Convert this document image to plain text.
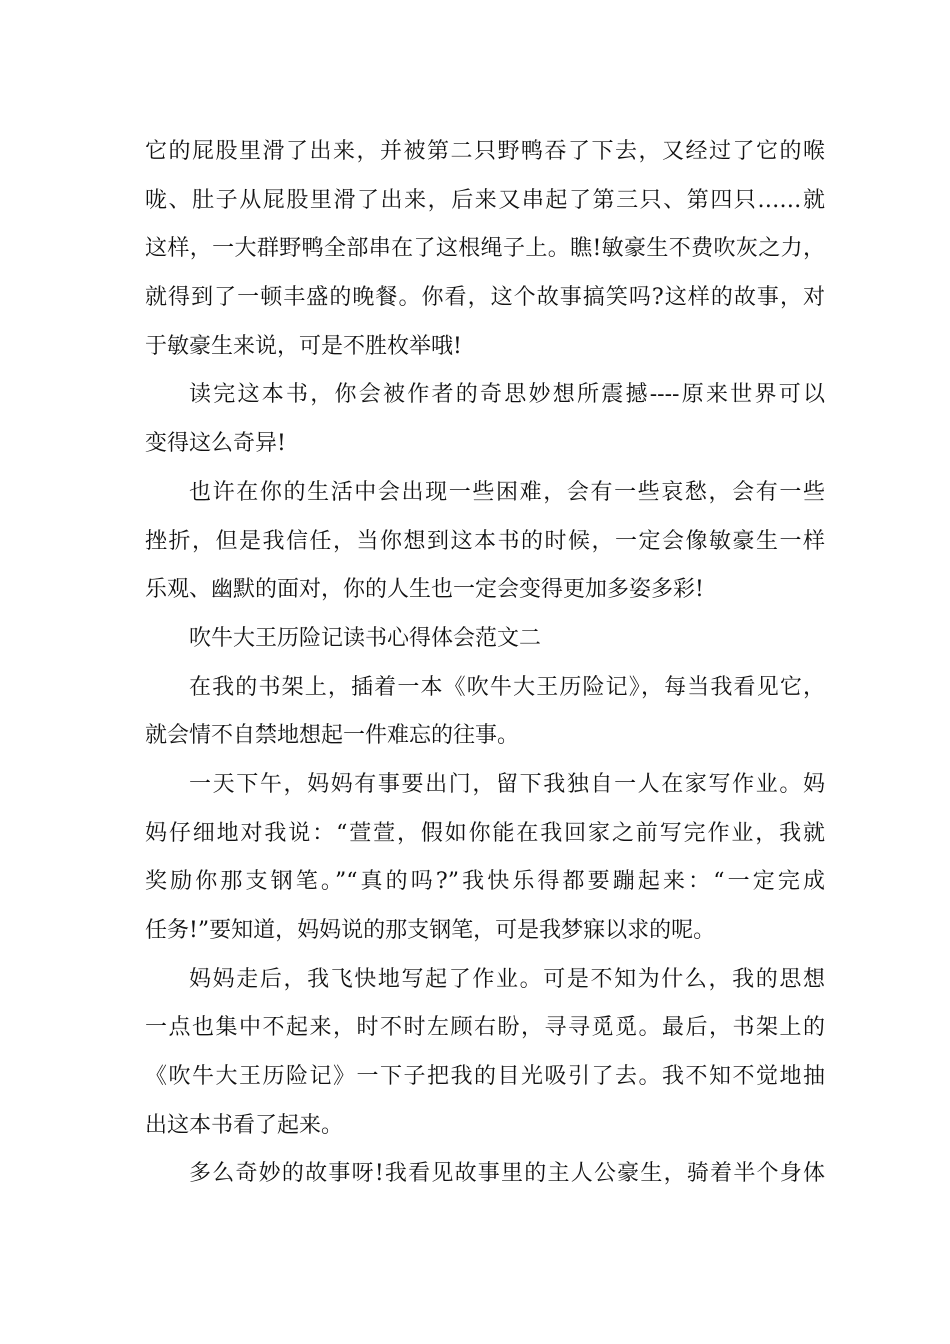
它的屁股里滑了出来，并被第二只野鸭吞了下去，又经过了它的喉
咙、肚子从屁股里滑了出来，后来又串起了第三只、第四只……就
这样，一大群野鸭全部串在了这根绳子上。瞧!敏豪生不费吹灰之力，
就得到了一顿丰盛的晚餐。你看，这个故事搞笑吗?这样的故事，对
于敏豪生来说，可是不胜枚举哦!
读完这本书，你会被作者的奇思妙想所震撼----原来世界可以
变得这么奇异!
也许在你的生活中会出现一些困难，会有一些哀愁，会有一些
挫折，但是我信任，当你想到这本书的时候，一定会像敏豪生一样
乐观、幽默的面对，你的人生也一定会变得更加多姿多彩!
吹牛大王历险记读书心得体会范文二
在我的书架上，插着一本《吹牛大王历险记》，每当我看见它，
就会情不自禁地想起一件难忘的往事。
一天下午，妈妈有事要出门，留下我独自一人在家写作业。妈
妈仔细地对我说：“萱萱，假如你能在我回家之前写完作业，我就
奖励你那支钢笔。”“真的吗?”我快乐得都要蹦起来：“一定完成
任务!”要知道，妈妈说的那支钢笔，可是我梦寐以求的呢。
妈妈走后，我飞快地写起了作业。可是不知为什么，我的思想
一点也集中不起来，时不时左顾右盼，寻寻觅觅。最后，书架上的
《吹牛大王历险记》一下子把我的目光吸引了去。我不知不觉地抽
出这本书看了起来。
多么奇妙的故事呀!我看见故事里的主人公豪生，骑着半个身体
